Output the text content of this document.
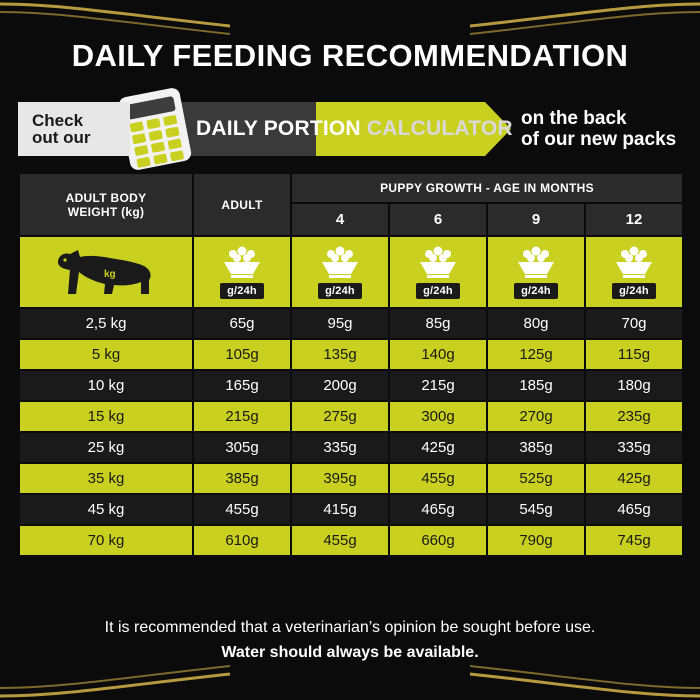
DAILY FEEDING RECOMMENDATION
Check
out our	DAILY PORTION CALCULATOR on the back
of our new packs
ADULT BODY
WEIGHT (kg)	ADULT	PUPPY GROWTH - AGE IN MONTHS			
		4	6	9	12

kg	g/24h	g/24h	g/24h	g/24h	g/24h

2,5 kg	65g	95g	85g	80g	70g
5 kg	105g	135g	140g	125g	115g
10 kg	165g	200g	215g	185g	180g
15 kg	215g	275g	300g	270g	235g
25 kg	305g	335g	425g	385g	335g
35 kg	385g	395g	455g	525g	425g
45 kg	455g	415g	465g	545g	465g
70 kg	610g	455g	660g	790g	745g
It is recommended that a veterinarian’s opinion be sought before use.
Water should always be available.
